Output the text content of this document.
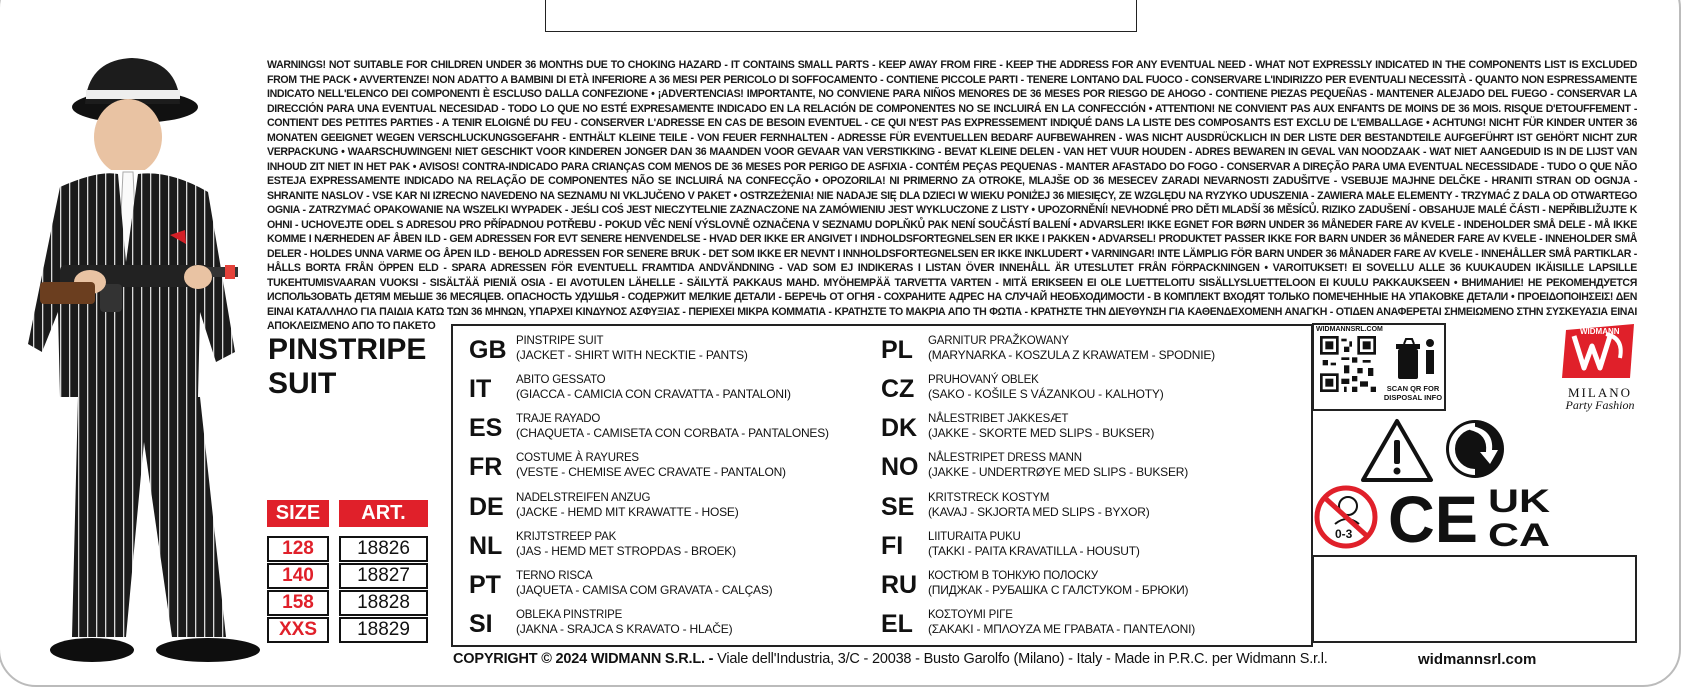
WARNINGS! NOT SUITABLE FOR CHILDREN UNDER 36 MONTHS DUE TO CHOKING HAZARD - IT CONTAINS SMALL PARTS - KEEP AWAY FROM FIRE - KEEP THE ADDRESS FOR ANY EVENTUAL NEED - WHAT NOT EXPRESSLY INDICATED IN THE COMPONENTS LIST IS EXCLUDED FROM THE PACK • AVVERTENZE! NON ADATTO A BAMBINI DI ETÀ INFERIORE A 36 MESI PER PERICOLO DI SOFFOCAMENTO - CONTIENE PICCOLE PARTI - TENERE LONTANO DAL FUOCO - CONSERVARE L'INDIRIZZO PER EVENTUALI NECESSITÀ - QUANTO NON ESPRESSAMENTE INDICATO NELL'ELENCO DEI COMPONENTI È ESCLUSO DALLA CONFEZIONE • ¡ADVERTENCIAS! IMPORTANTE, NO CONVIENE PARA NIÑOS MENORES DE 36 MESES POR RIESGO DE AHOGO - CONTIENE PIEZAS PEQUEÑAS - MANTENER ALEJADO DEL FUEGO - CONSERVAR LA DIRECCIÓN PARA UNA EVENTUAL NECESIDAD - TODO LO QUE NO ESTÉ EXPRESAMENTE INDICADO EN LA RELACIÓN DE COMPONENTES NO SE INCLUIRÁ EN LA CONFECCIÓN • ATTENTION! NE CONVIENT PAS AUX ENFANTS DE MOINS DE 36 MOIS. RISQUE D'ETOUFFEMENT - CONTIENT DES PETITES PARTIES - A TENIR ELOIGNÉ DU FEU - CONSERVER L'ADRESSE EN CAS DE BESOIN EVENTUEL - CE QUI N'EST PAS EXPRESSEMENT INDIQUÉ DANS LA LISTE DES COMPOSANTS EST EXCLU DE L'EMBALLAGE • ACHTUNG! NICHT FÜR KINDER UNTER 36 MONATEN GEEIGNET WEGEN VERSCHLUCKUNGSGEFAHR - ENTHÄLT KLEINE TEILE - VON FEUER FERNHALTEN - ADRESSE FÜR EVENTUELLEN BEDARF AUFBEWAHREN - WAS NICHT AUSDRÜCKLICH IN DER LISTE DER BESTANDTEILE AUFGEFÜHRT IST GEHÖRT NICHT ZUR VERPACKUNG • WAARSCHUWINGEN! NIET GESCHIKT VOOR KINDEREN JONGER DAN 36 MAANDEN VOOR GEVAAR VAN VERSTIKKING - BEVAT KLEINE DELEN - VAN HET VUUR HOUDEN - ADRES BEWAREN IN GEVAL VAN NOODZAAK - WAT NIET AANGEDUID IS IN DE LIJST VAN INHOUD ZIT NIET IN HET PAK • AVISOS! CONTRA-INDICADO PARA CRIANÇAS COM MENOS DE 36 MESES POR PERIGO DE ASFIXIA - CONTÉM PEÇAS PEQUENAS - MANTER AFASTADO DO FOGO - CONSERVAR A DIREÇÃO PARA UMA EVENTUAL NECESSIDADE - TUDO O QUE NÃO ESTEJA EXPRESSAMENTE INDICADO NA RELAÇÃO DE COMPONENTES NÃO SE INCLUIRÁ NA CONFECÇÃO • OPOZORILA! NI PRIMERNO ZA OTROKE, MLAJŠE OD 36 MESECEV ZARADI NEVARNOSTI ZADUŠITVE - VSEBUJE MAJHNE DELČKE - HRANITI STRAN OD OGNJA - SHRANITE NASLOV - VSE KAR NI IZRECNO NAVEDENO NA SEZNAMU NI VKLJUČENO V PAKET • OSTRZEŻENIA! NIE NADAJE SIĘ DLA DZIECI W WIEKU PONIŻEJ 36 MIESIĘCY, ZE WZGLĘDU NA RYZYKO UDUSZENIA - ZAWIERA MAŁE ELEMENTY - TRZYMAĆ Z DALA OD OTWARTEGO OGNIA - ZATRZYMAĆ OPAKOWANIE NA WSZELKI WYPADEK - JEŚLI COŚ JEST NIECZYTELNIE ZAZNACZONE NA ZAMÓWIENIU JEST WYKLUCZONE Z LISTY • UPOZORNĚNÍ! NEVHODNÉ PRO DĚTI MLADŠÍ 36 MĚSÍCŮ. RIZIKO ZADUŠENÍ - OBSAHUJE MALÉ ČÁSTI - NEPŘIBLIŽUJTE K OHNI - UCHOVEJTE ODEL S ADRESOU PRO PŘÍPADNOU POTŘEBU - POKUD VĚC NENÍ VÝSLOVNĚ OZNAČENA V SEZNAMU DOPLŇKŮ PAK NENÍ SOUČÁSTÍ BALENÍ • ADVARSLER! IKKE EGNET FOR BØRN UNDER 36 MÅNEDER FARE AV KVELE - INDEHOLDER SMÅ DELE - MÅ IKKE KOMME I NÆRHEDEN AF ÅBEN ILD - GEM ADRESSEN FOR EVT SENERE HENVENDELSE - HVAD DER IKKE ER ANGIVET I INDHOLDSFORTEGNELSEN ER IKKE I PAKKEN • ADVARSEL! PRODUKTET PASSER IKKE FOR BARN UNDER 36 MÅNEDER FARE AV KVELE - INNEHOLDER SMÅ DELER - HOLDES UNNA VARME OG ÅPEN ILD - BEHOLD ADRESSEN FOR SENERE BRUK - DET SOM IKKE ER NEVNT I INNHOLDSFORTEGNELSEN ER IKKE INKLUDERT • VARNINGAR! INTE LÄMPLIG FÖR BARN UNDER 36 MÅNADER FARE AV KVELE - INNEHÅLLER SMÅ PARTIKLAR - HÅLLS BORTA FRÅN ÖPPEN ELD - SPARA ADRESSEN FÖR EVENTUELL FRAMTIDA ANDVÄNDNING - VAD SOM EJ INDIKERAS I LISTAN ÖVER INNEHÅLL ÄR UTESLUTET FRÅN FÖRPACKNINGEN • VAROITUKSET! EI SOVELLU ALLE 36 KUUKAUDEN IKÄISILLE LAPSILLE TUKEHTUMISVAARAN VUOKSI - SISÄLTÄÄ PIENIÄ OSIA - EI AVOTULEN LÄHELLE - SÄILYTÄ PAKKAUS MAHD. MYÖHEMPÄÄ TARVETTA VARTEN - MITÄ ERIKSEEN EI OLE LUETTELOITU SISÄLLYSLUETTELOON EI KUULU PAKKAUKSEEN • ВНИМАНИЕ! НЕ РЕКОМЕНДУЕТСЯ ИСПОЛЬЗОВАТЬ ДЕТЯМ МЕЬШЕ 36 МЕСЯЦЕВ. ОПАСНОСТЬ УДУШЬЯ - СОДЕРЖИТ МЕЛКИЕ ДЕТАЛИ - БЕРЕЧЬ ОТ ОГНЯ - СОХРАНИТЕ АДРЕС НА СЛУЧАЙ НЕОБХОДИМОСТИ - В КОМПЛЕКТ ВХОДЯТ ТОЛЬКО ПОМЕЧЕННЫЕ НА УПАКОВКЕ ДЕТАЛИ • ΠΡΟΕΙΔΟΠΟΙΗΣΕΙΣ! ΔΕΝ ΕΙΝΑΙ ΚΑΤΑΛΛΗΛΟ ΓΙΑ ΠΑΙΔΙΑ ΚΑΤΩ ΤΩΝ 36 ΜΗΝΩΝ, ΥΠΑΡΧΕΙ ΚΙΝΔΥΝΟΣ ΑΣΦΥΞΙΑΣ - ΠΕΡΙΕΧΕΙ ΜΙΚΡΑ ΚΟΜΜΑΤΙΑ - ΚΡΑΤΗΣΤΕ ΤΟ ΜΑΚΡΙΑ ΑΠΟ ΤΗ ΦΩΤΙΑ - ΚΡΑΤΗΣΤΕ ΤΗΝ ΔΙΕΥΘΥΝΣΗ ΓΙΑ ΚΑΘΕΝΔΕΧΟΜΕΝΗ ΑΝΑΓΚΗ - ΟΤΙΔΕΝ ΑΝΑΦΕΡΕΤΑΙ ΣΗΜΕΙΩΜΕΝΟ ΣΤΗΝ ΣΥΣΚΕΥΑΣΙΑ ΕΙΝΑΙ ΑΠΟΚΛΕΙΣΜΕΝΟ ΑΠΟ ΤΟ ΠΑΚΕΤΟ
PINSTRIPE
SUIT
SIZE	ART.
128	18826
140	18827
158	18828
XXS	18829
GB PINSTRIPE SUIT
(JACKET - SHIRT WITH NECKTIE - PANTS)
IT	ABITO GESSATO
(GIACCA - CAMICIA CON CRAVATTA - PANTALONI)
ES	TRAJE RAYADO
(CHAQUETA - CAMISETA CON CORBATA - PANTALONES)
FR	COSTUME À RAYURES
(VESTE - CHEMISE AVEC CRAVATE - PANTALON)
DE	NADELSTREIFEN ANZUG
(JACKE - HEMD MIT KRAWATTE - HOSE)
NL	KRIJTSTREEP PAK
(JAS - HEMD MET STROPDAS - BROEK)
PT	TERNO RISCA
(JAQUETA - CAMISA COM GRAVATA - CALÇAS)
SI	OBLEKA PINSTRIPE
(JAKNA - SRAJCA S KRAVATO - HLAČE)
PL	GARNITUR PRAŽKOWANY
(MARYNARKA - KOSZULA Z KRAWATEM - SPODNIE)
CZ	PRUHOVANÝ OBLEK
(SAKO - KOŠILE S VÁZANKOU - KALHOTY)
DK NÅLESTRIBET JAKKESÆT
(JAKKE - SKORTE MED SLIPS - BUKSER)
NO NÅLESTRIPET DRESS MANN
(JAKKE - UNDERTRØYE MED SLIPS - BUKSER)
SE	KRITSTRECK KOSTYM
(KAVAJ - SKJORTA MED SLIPS - BYXOR)
FI	LIITURAITA PUKU
(TAKKI - PAITA KRAVATILLA - HOUSUT)
RU КОСТЮМ В ТОНКУЮ ПОЛОСКУ
(ПИДЖАК - РУБАШКА С ГАЛСТУКОМ - БРЮКИ)
EL	ΚΟΣΤΟΥΜΙ ΡΙΓΕ
(ΣΑΚΑΚΙ - ΜΠΛΟΥΖΑ ΜΕ ΓΡΑΒΑΤΑ - ΠΑΝΤΕΛΟΝΙ)
COPYRIGHT © 2024 WIDMANN S.R.L. - Viale dell'Industria, 3/C - 20038 - Busto Garolfo (Milano) - Italy - Made in P.R.C. per Widmann S.r.l.
WIDMANNSRL.COM
SCAN QR FOR DISPOSAL INFO
WIDMANN
MILANO
Party Fashion
0-3 CE UK
CA
widmannsrl.com
